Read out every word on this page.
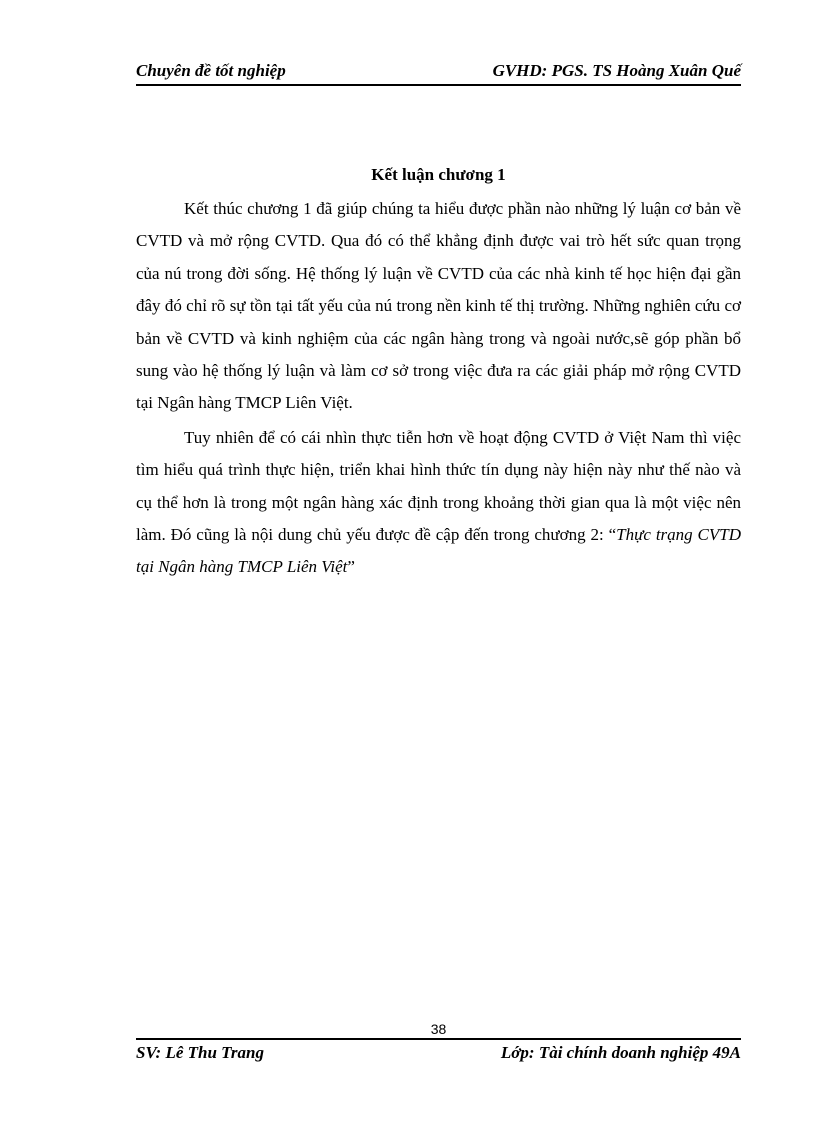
Chuyên đề tốt nghiệp	GVHD: PGS. TS Hoàng Xuân Quế
Kết luận chương 1

Kết thúc chương 1 đã giúp chúng ta hiểu được phần nào những lý luận cơ bản về CVTD và mở rộng CVTD. Qua đó có thể khẳng định được vai trò hết sức quan trọng của nú trong đời sống. Hệ thống lý luận về CVTD của các nhà kinh tế học hiện đại gần đây đó chỉ rõ sự tồn tại tất yếu của nú trong nền kinh tế thị trường. Những nghiên cứu cơ bản về CVTD và kinh nghiệm của các ngân hàng trong và ngoài nước,sẽ góp phần bổ sung vào hệ thống lý luận và làm cơ sở trong việc đưa ra các giải pháp mở rộng CVTD tại Ngân hàng TMCP Liên Việt.

Tuy nhiên để có cái nhìn thực tiễn hơn về hoạt động CVTD ở Việt Nam thì việc tìm hiểu quá trình thực hiện, triển khai hình thức tín dụng này hiện này như thế nào và cụ thể hơn là trong một ngân hàng xác định trong khoảng thời gian qua là một việc nên làm. Đó cũng là nội dung chủ yếu được đề cập đến trong chương 2: “Thực trạng CVTD tại Ngân hàng TMCP Liên Việt”

38
SV: Lê Thu Trang	Lớp: Tài chính doanh nghiệp 49A
